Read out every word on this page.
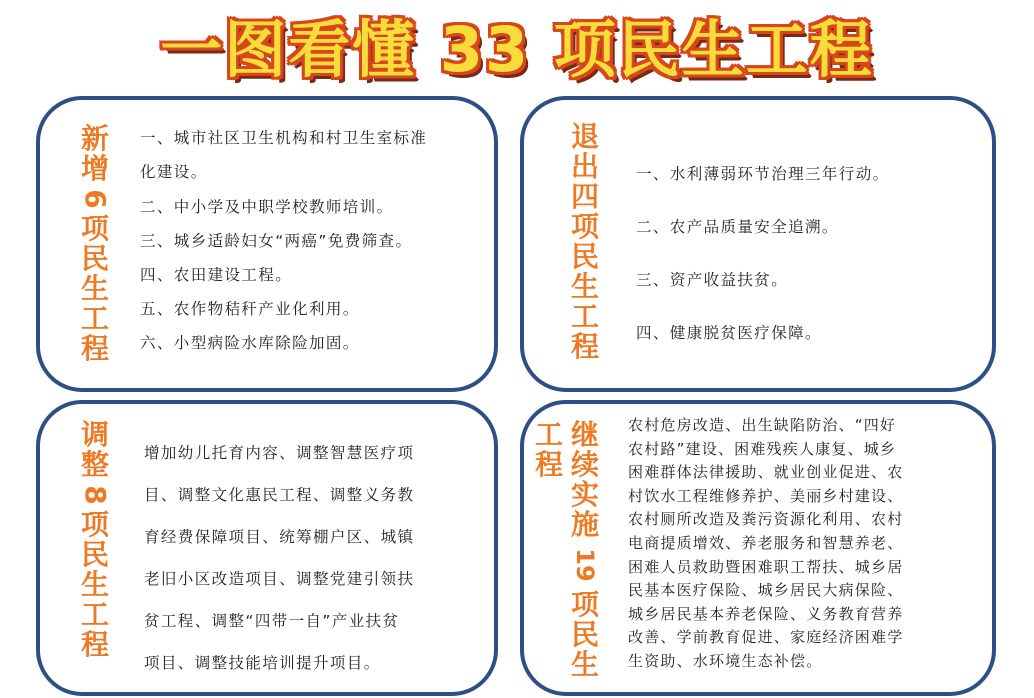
一图看懂 33 项民生工程
新
增
6
项
民
生
工
程
一、城市社区卫生机构和村卫生室标准
化建设。
二、中小学及中职学校教师培训。
三、城乡适龄妇女“两癌”免费筛查。
四、农田建设工程。
五、农作物秸秆产业化利用。
六、小型病险水库除险加固。
退
出
四
项
民
生
工
程
一、水利薄弱环节治理三年行动。
二、农产品质量安全追溯。
三、资产收益扶贫。
四、健康脱贫医疗保障。
调
整
8
项
民
生
工
程
增加幼儿托育内容、调整智慧医疗项
目、调整文化惠民工程、调整义务教
育经费保障项目、统筹棚户区、城镇
老旧小区改造项目、调整党建引领扶
贫工程、调整“四带一自”产业扶贫
项目、调整技能培训提升项目。
工
程
继
续
实
施
19
项
民
生
农村危房改造、出生缺陷防治、“四好
农村路”建设、困难残疾人康复、城乡
困难群体法律援助、就业创业促进、农
村饮水工程维修养护、美丽乡村建设、
农村厕所改造及粪污资源化利用、农村
电商提质增效、养老服务和智慧养老、
困难人员救助暨困难职工帮扶、城乡居
民基本医疗保险、城乡居民大病保险、
城乡居民基本养老保险、义务教育营养
改善、学前教育促进、家庭经济困难学
生资助、水环境生态补偿。
